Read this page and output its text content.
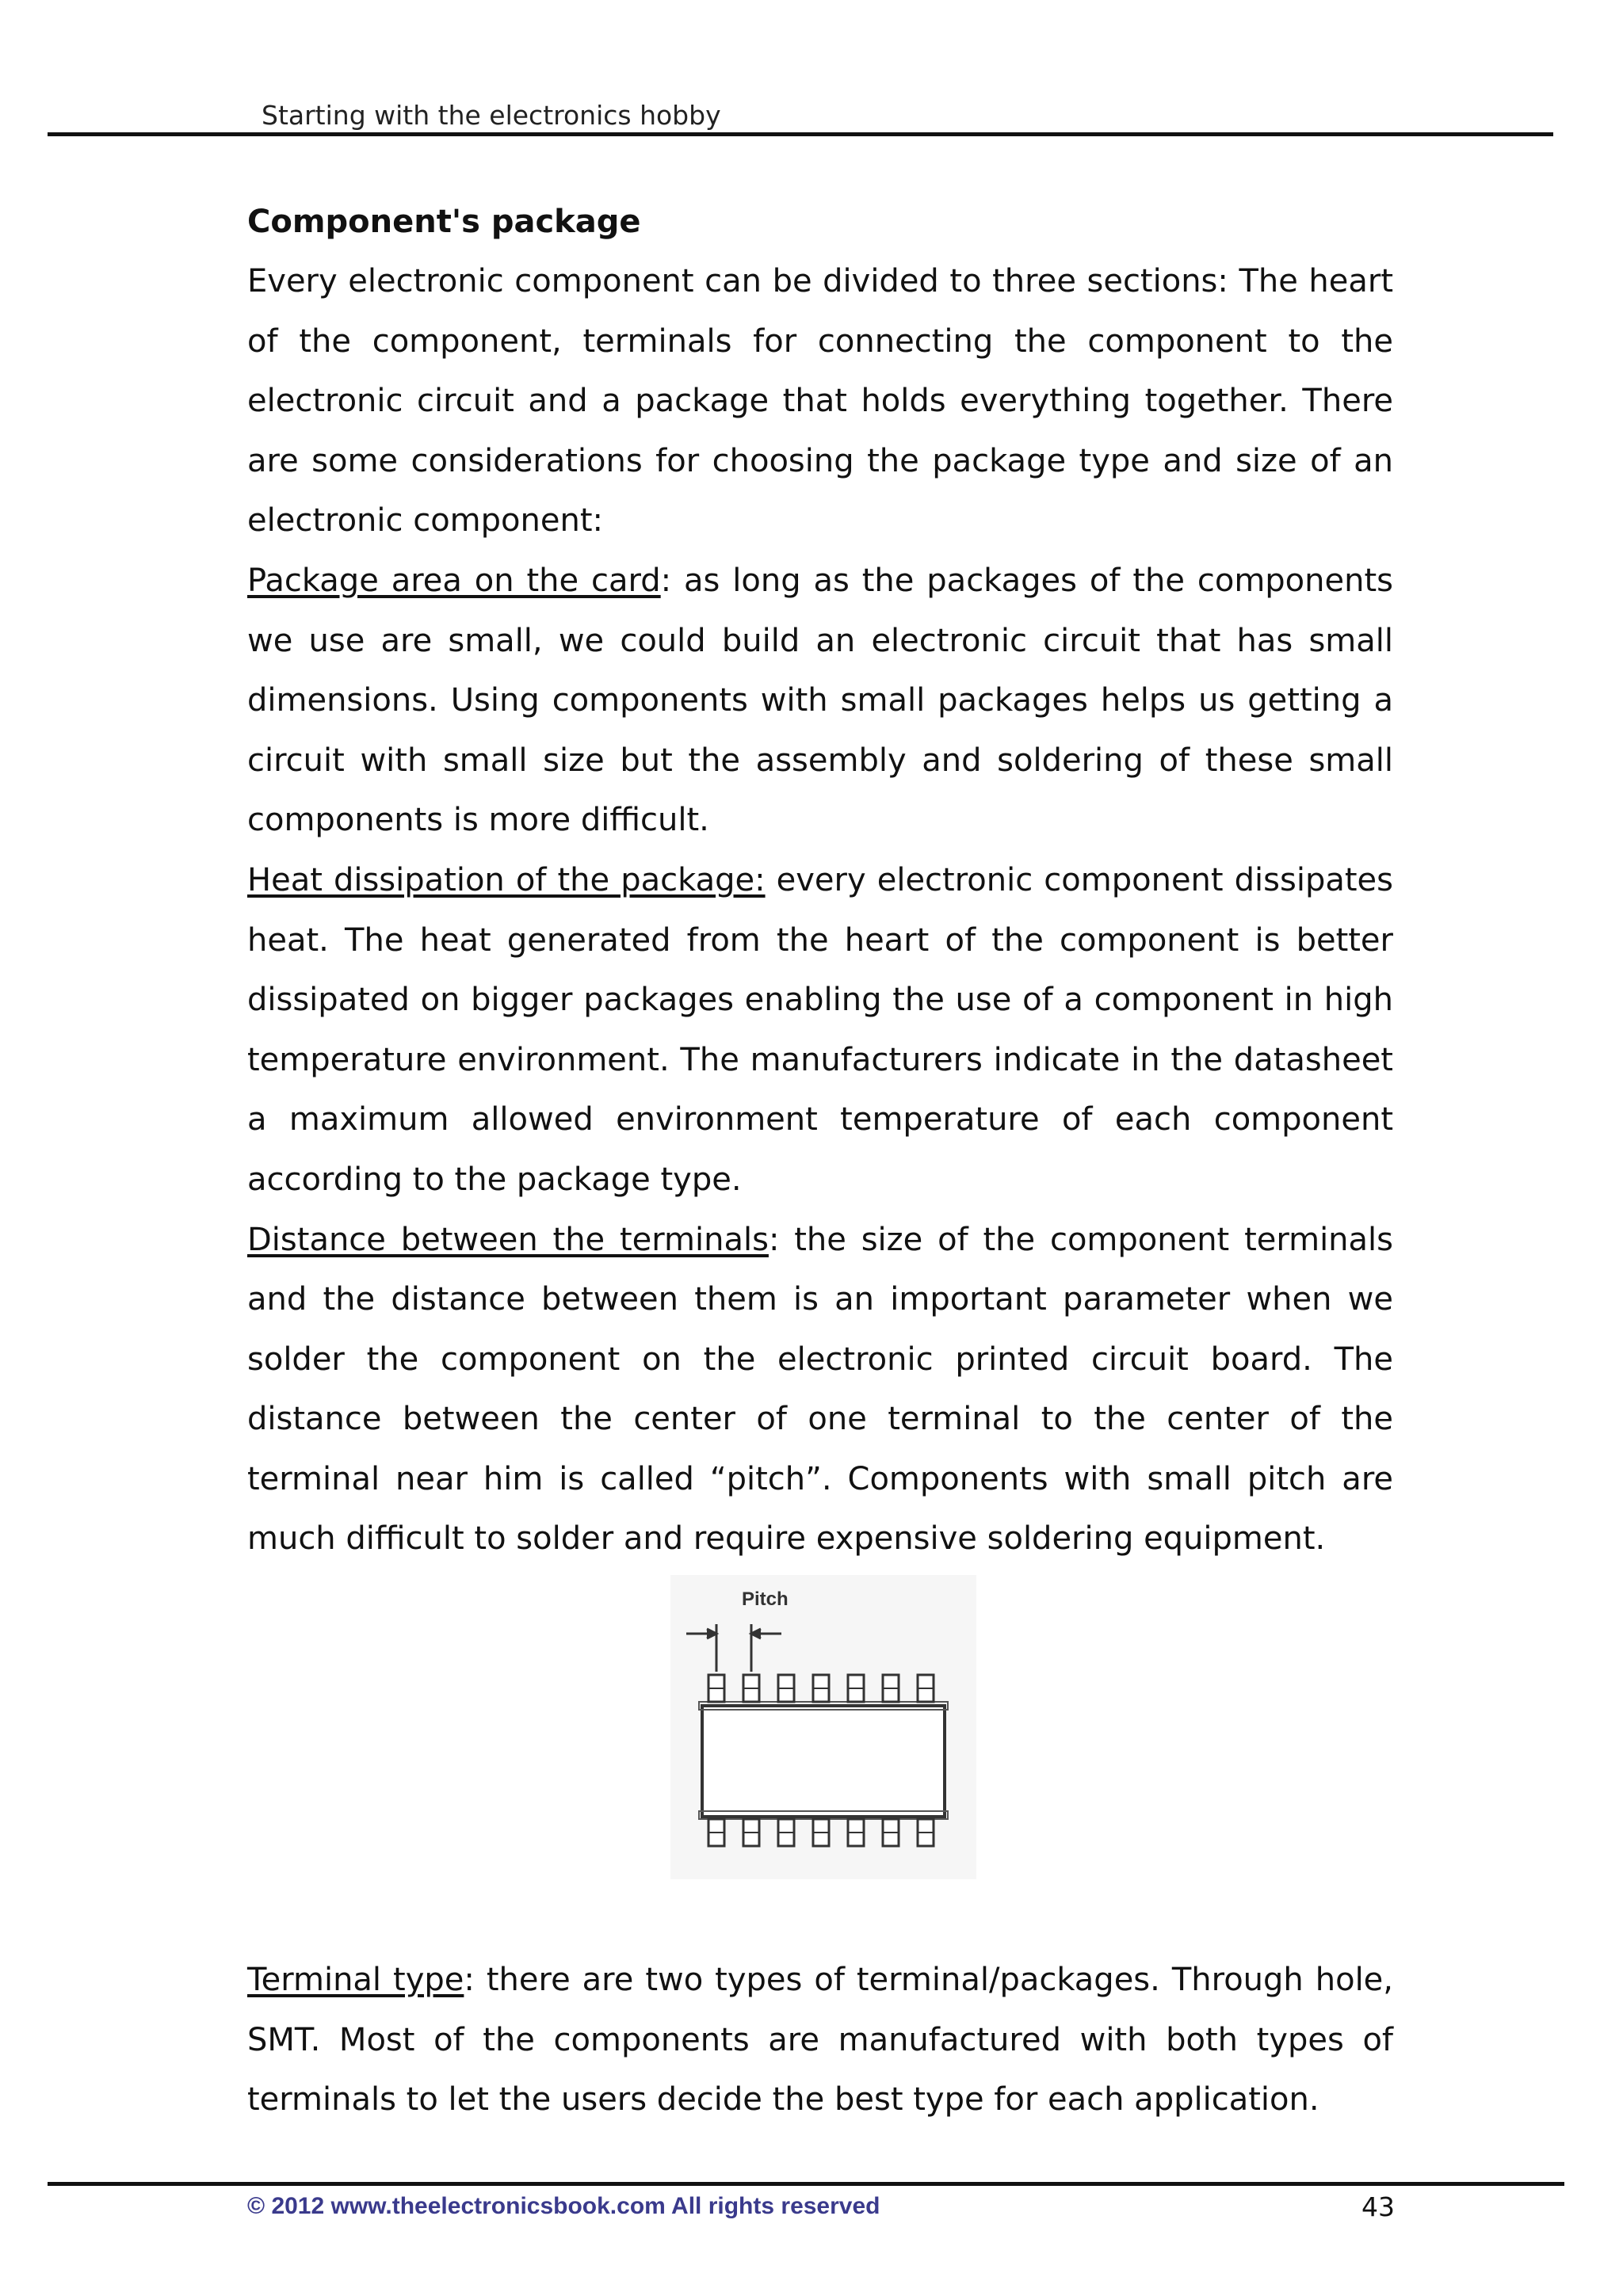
Starting with the electronics hobby

Component's package

Every electronic component can be divided to three sections: The heart of the component, terminals for connecting the component to the electronic circuit and a package that holds everything together. There are some considerations for choosing the package type and size of an electronic component:

Package area on the card: as long as the packages of the components we use are small, we could build an electronic circuit that has small dimensions. Using components with small packages helps us getting a circuit with small size but the assembly and soldering of these small components is more difficult.

Heat dissipation of the package: every electronic component dissipates heat. The heat generated from the heart of the component is better dissipated on bigger packages enabling the use of a component in high temperature environment. The manufacturers indicate in the datasheet a maximum allowed environment temperature of each component according to the package type.

Distance between the terminals: the size of the component terminals and the distance between them is an important parameter when we solder the component on the electronic printed circuit board. The distance between the center of one terminal to the center of the terminal near him is called “pitch”. Components with small pitch are much difficult to solder and require expensive soldering equipment.

Pitch

Terminal type: there are two types of terminal/packages. Through hole, SMT. Most of the components are manufactured with both types of terminals to let the users decide the best type for each application.

© 2012 www.theelectronicsbook.com All rights reserved	43
